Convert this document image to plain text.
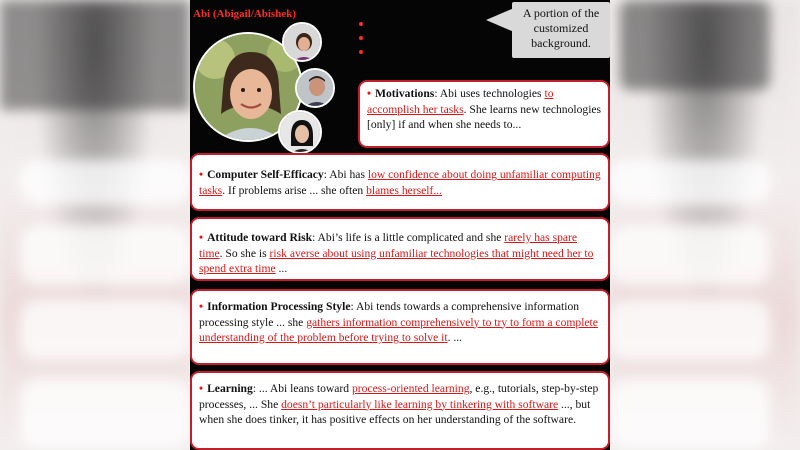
Abi (Abigail/Abishek)	A portion of the customized background.
• Motivations: Abi uses technologies to accomplish her tasks. She learns new technologies [only] if and when she needs to...
• Computer Self-Efficacy: Abi has low confidence about doing unfamiliar computing tasks. If problems arise ... she often blames herself...
• Attitude toward Risk: Abi’s life is a little complicated and she rarely has spare time. So she is risk averse about using unfamiliar technologies that might need her to spend extra time ...
• Information Processing Style: Abi tends towards a comprehensive information processing style ... she gathers information comprehensively to try to form a complete understanding of the problem before trying to solve it. ...
• Learning: ... Abi leans toward process-oriented learning, e.g., tutorials, step-by-step processes, ... She doesn’t particularly like learning by tinkering with software ..., but when she does tinker, it has positive effects on her understanding of the software.
